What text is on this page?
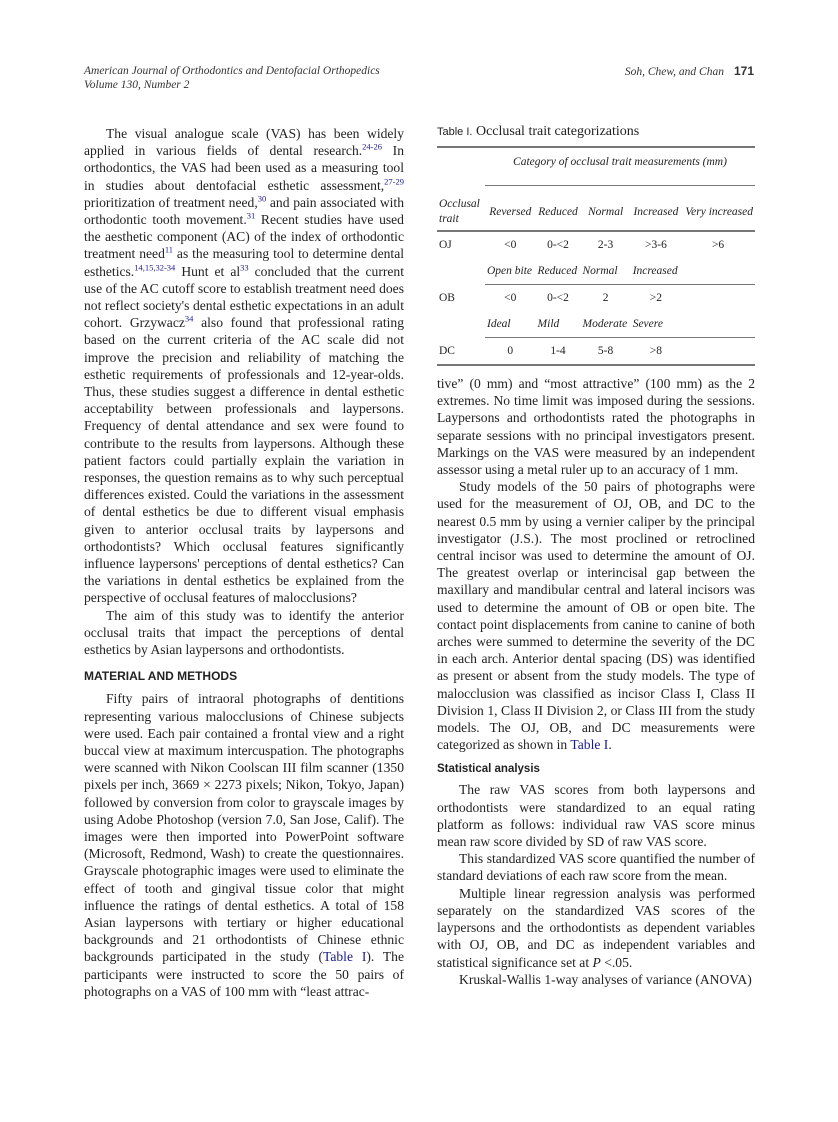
American Journal of Orthodontics and Dentofacial Orthopedics
Volume 130, Number 2
Soh, Chew, and Chan 171

The visual analogue scale (VAS) has been widely applied in various fields of dental research.$^{24-26}$ In orthodontics, the VAS had been used as a measuring tool in studies about dentofacial esthetic assessment,$^{27-29}$ prioritization of treatment need,$^{30}$ and pain associated with orthodontic tooth movement.$^{31}$ Recent studies have used the aesthetic component (AC) of the index of orthodontic treatment need$^{11}$ as the measuring tool to determine dental esthetics.$^{14,15,32-34}$ Hunt et $al^{33}$ concluded that the current use of the AC cutoff score to establish treatment need does not reflect society's dental esthetic expectations in an adult cohort. Grzywacz$^{34}$ also found that professional rating based on the current criteria of the AC scale did not improve the precision and reliability of matching the esthetic requirements of professionals and 12-year-olds. Thus, these studies suggest a difference in dental esthetic acceptability between professionals and laypersons. Frequency of dental attendance and sex were found to contribute to the results from laypersons. Although these patient factors could partially explain the variation in responses, the question remains as to why such perceptual differences existed. Could the variations in the assessment of dental esthetics be due to different visual emphasis given to anterior occlusal traits by laypersons and orthodontists? Which occlusal features significantly influence laypersons' perceptions of dental esthetics? Can the variations in dental esthetics be explained from the perspective of occlusal features of malocclusions?

The aim of this study was to identify the anterior occlusal traits that impact the perceptions of dental esthetics by Asian laypersons and orthodontists.

MATERIAL AND METHODS

Fifty pairs of intraoral photographs of dentitions representing various malocclusions of Chinese subjects were used. Each pair contained a frontal view and a right buccal view at maximum intercuspation. The photographs were scanned with Nikon Coolscan III film scanner (1350 pixels per inch, 3669 × 2273 pixels; Nikon, Tokyo, Japan) followed by conversion from color to grayscale images by using Adobe Photoshop (version 7.0, San Jose, Calif). The images were then imported into PowerPoint software (Microsoft, Redmond, Wash) to create the questionnaires. Grayscale photographic images were used to eliminate the effect of tooth and gingival tissue color that might influence the ratings of dental esthetics. A total of 158 Asian laypersons with tertiary or higher educational backgrounds and 21 orthodontists of Chinese ethnic backgrounds participated in the study (Table I). The participants were instructed to score the 50 pairs of photographs on a VAS of 100 mm with “least attrac-

Table I. Occlusal trait categorizations
	Category of occlusal trait measurements (mm)				

Occlusal trait	Reversed	Reduced	Normal	Increased	Very increased

OJ	<0	0-<2	2-3	>3-6	>6
	Open bite	Reduced	Normal	Increased	

OB	<0	0-<2	2	>2	
	Ideal	Mild	Moderate	Severe	

DC	0	1-4	5-8	>8	

tive” (0 mm) and “most attractive” (100 mm) as the 2 extremes. No time limit was imposed during the sessions. Laypersons and orthodontists rated the photographs in separate sessions with no principal investigators present. Markings on the VAS were measured by an independent assessor using a metal ruler up to an accuracy of 1 mm.

Study models of the 50 pairs of photographs were used for the measurement of OJ, OB, and DC to the nearest 0.5 mm by using a vernier caliper by the principal investigator (J.S.). The most proclined or retroclined central incisor was used to determine the amount of OJ. The greatest overlap or interincisal gap between the maxillary and mandibular central and lateral incisors was used to determine the amount of OB or open bite. The contact point displacements from canine to canine of both arches were summed to determine the severity of the DC in each arch. Anterior dental spacing (DS) was identified as present or absent from the study models. The type of malocclusion was classified as incisor Class I, Class II Division 1, Class II Division 2, or Class III from the study models. The OJ, OB, and DC measurements were categorized as shown in Table I.

Statistical analysis

The raw VAS scores from both laypersons and orthodontists were standardized to an equal rating platform as follows: individual raw VAS score minus mean raw score divided by SD of raw VAS score.

This standardized VAS score quantified the number of standard deviations of each raw score from the mean.

Multiple linear regression analysis was performed separately on the standardized VAS scores of the laypersons and the orthodontists as dependent variables with OJ, OB, and DC as independent variables and statistical significance set at P <.05.

Kruskal-Wallis 1-way analyses of variance (ANOVA)
